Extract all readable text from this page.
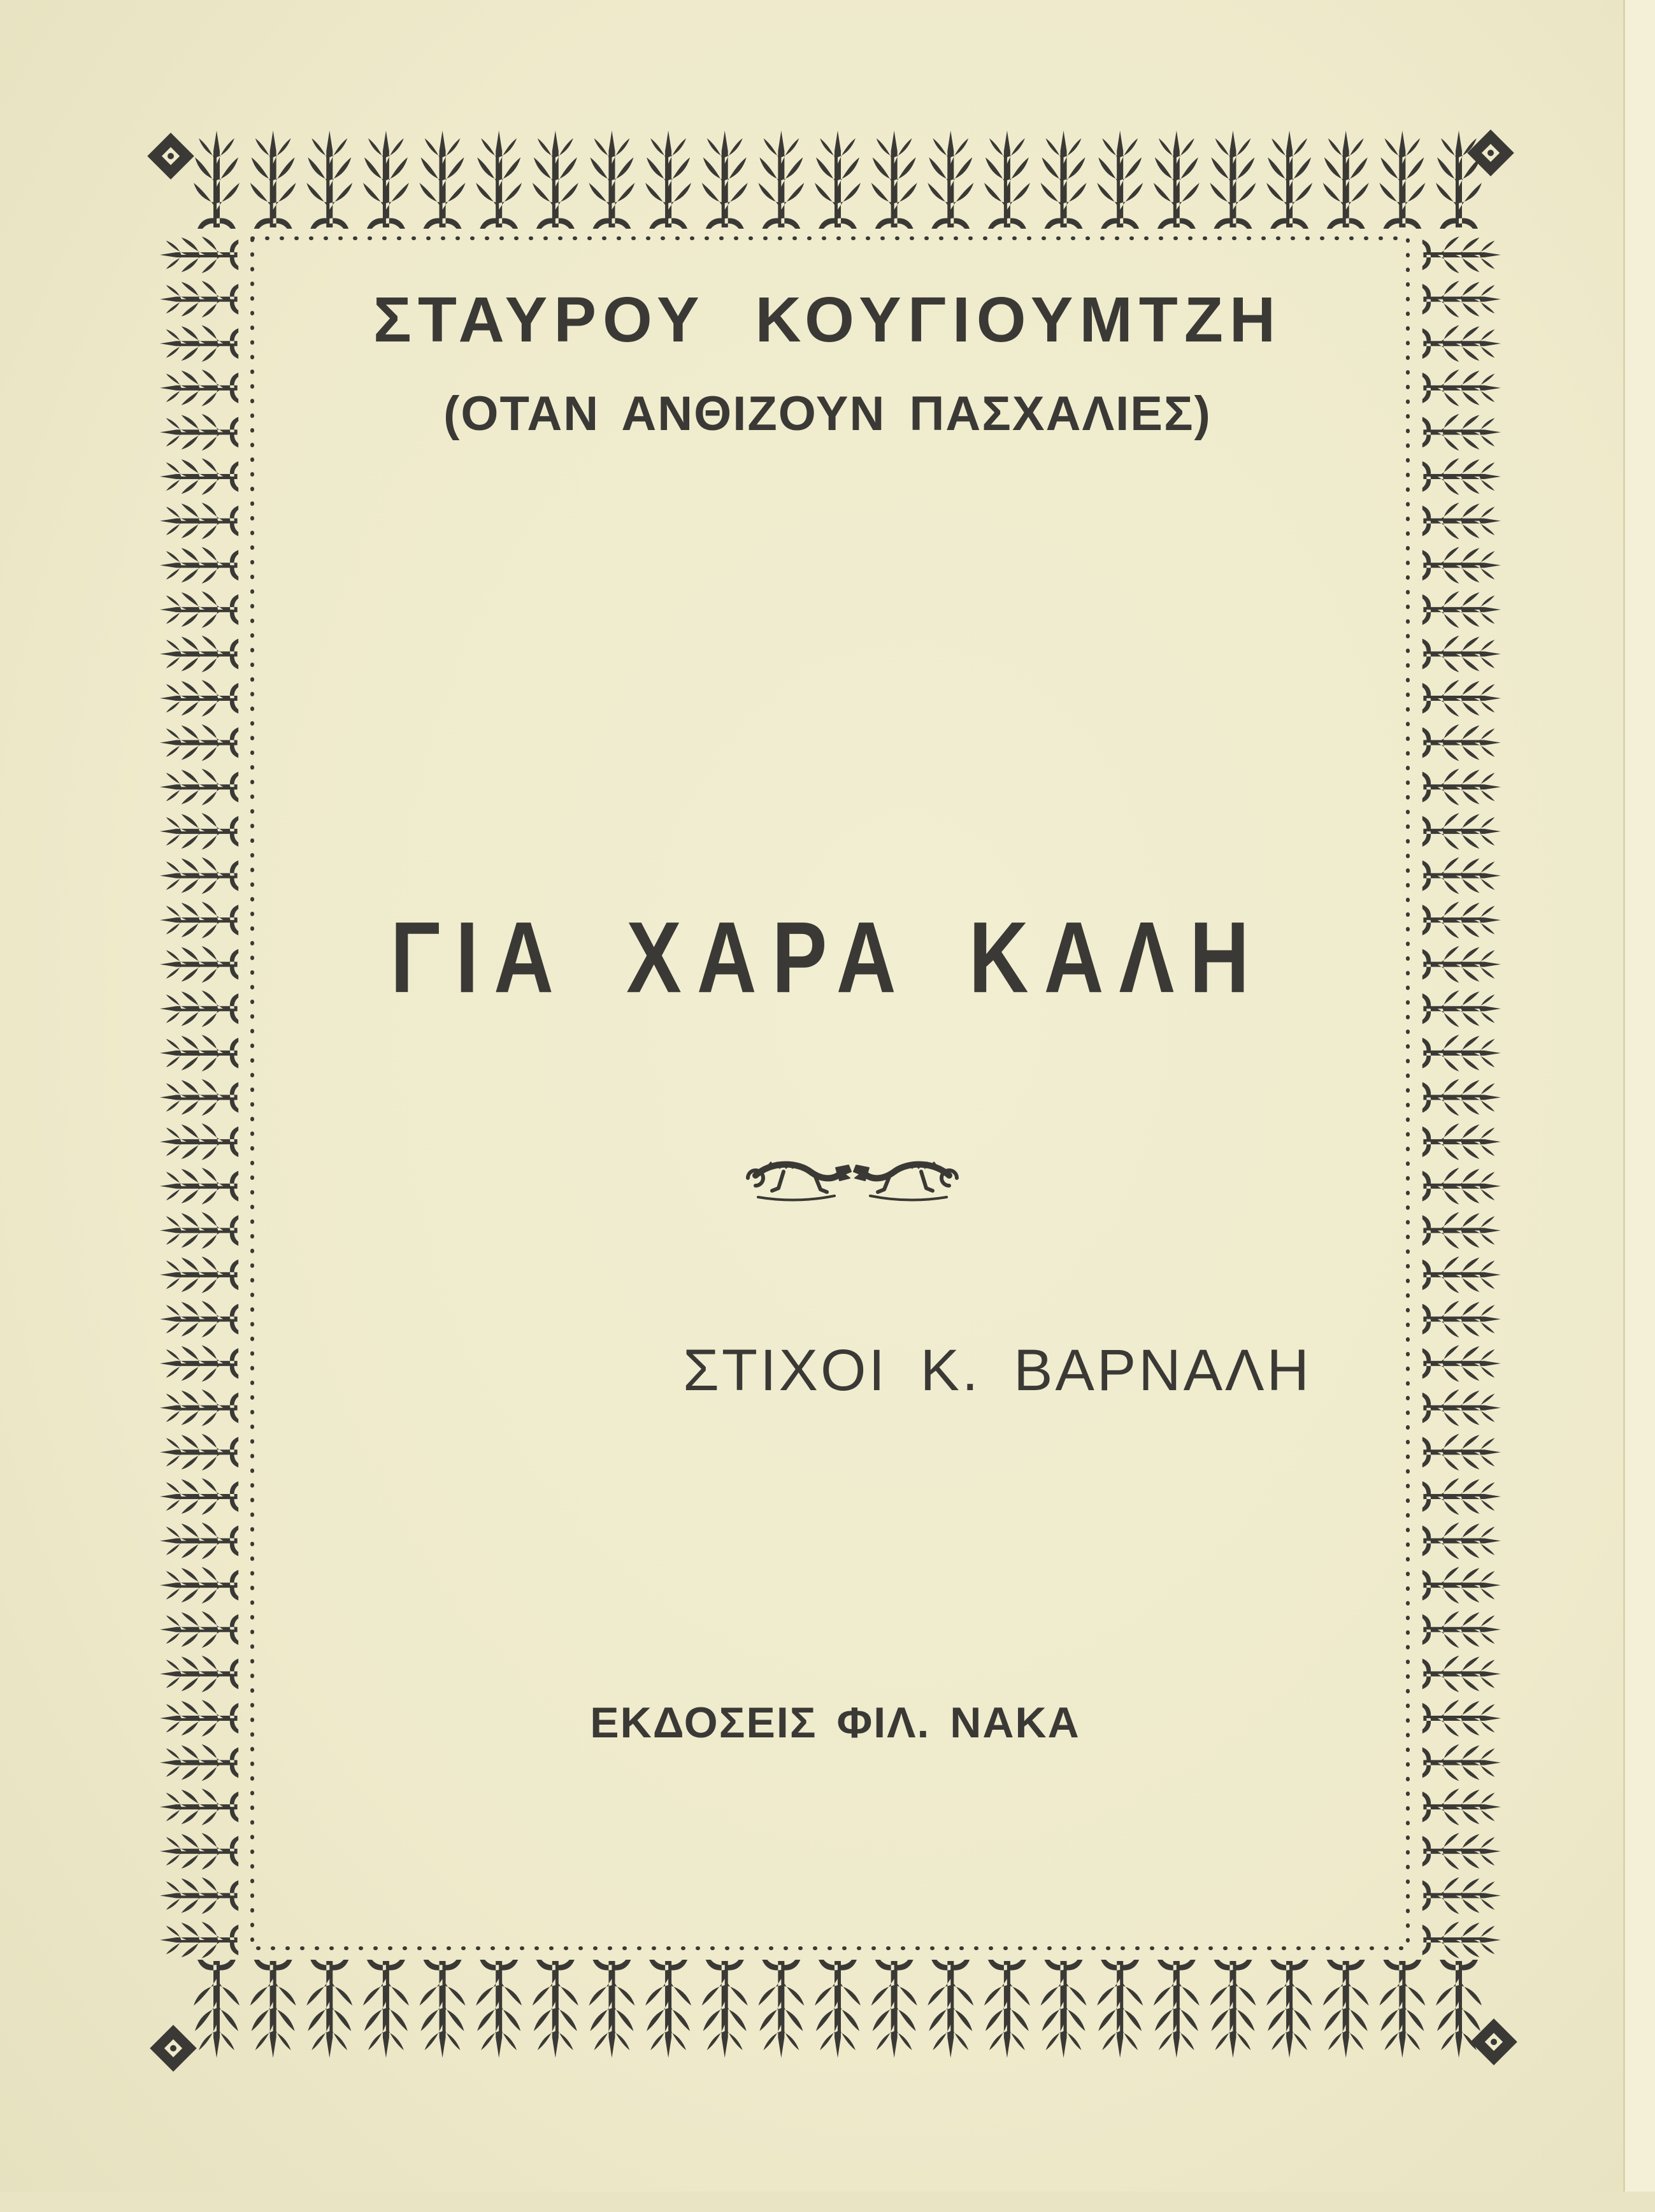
ΣΤΑΥΡΟΥ ΚΟΥΓΙΟΥΜΤΖΗ
(ΟΤΑΝ ΑΝΘΙΖΟΥΝ ΠΑΣΧΑΛΙΕΣ)
ΓΙΑ ΧΑΡΑ ΚΑΛΗ
ΣΤΙΧΟΙ Κ. ΒΑΡΝΑΛΗ
ΕΚΔΟΣΕΙΣ ΦΙΛ. ΝΑΚΑ
